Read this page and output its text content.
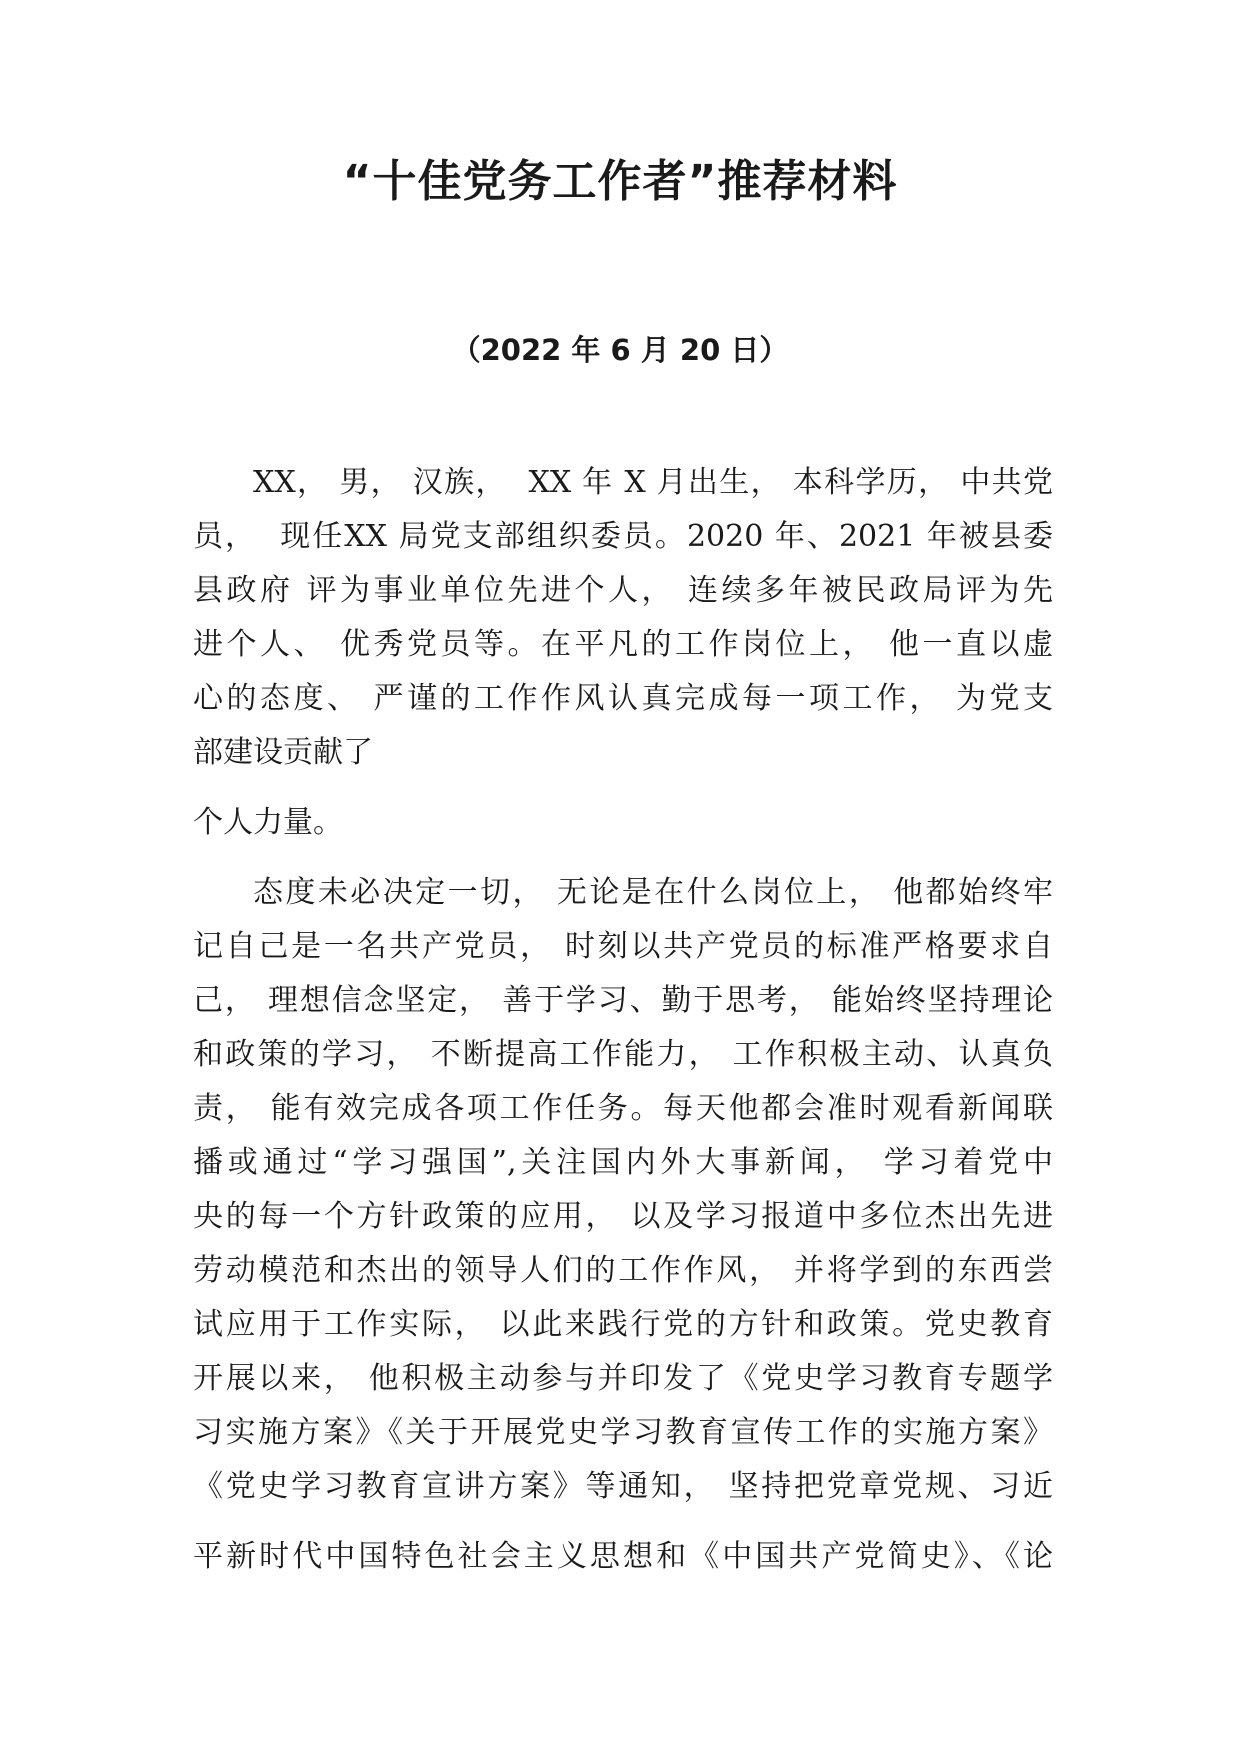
“十佳党务工作者”推荐材料
（2022 年 6 月 20 日）
XX， 男， 汉族，  XX 年 X 月出生， 本科学历， 中共党
员，  现任XX 局党支部组织委员。2020 年、2021 年被县委
县政府 评为事业单位先进个人， 连续多年被民政局评为先
进个人、 优秀党员等。在平凡的工作岗位上， 他一直以虚
心的态度、 严谨的工作作风认真完成每一项工作， 为党支
部建设贡献了
个人力量。
态度未必决定一切， 无论是在什么岗位上， 他都始终牢
记自己是一名共产党员， 时刻以共产党员的标准严格要求自
己， 理想信念坚定， 善于学习、勤于思考， 能始终坚持理论
和政策的学习， 不断提高工作能力， 工作积极主动、认真负
责， 能有效完成各项工作任务。每天他都会准时观看新闻联
播或通过“学习强国”,关注国内外大事新闻， 学习着党中
央的每一个方针政策的应用， 以及学习报道中多位杰出先进
劳动模范和杰出的领导人们的工作作风， 并将学到的东西尝
试应用于工作实际， 以此来践行党的方针和政策。党史教育
开展以来， 他积极主动参与并印发了《党史学习教育专题学
习实施方案》《关于开展党史学习教育宣传工作的实施方案》
《党史学习教育宣讲方案》等通知， 坚持把党章党规、习近
平新时代中国特色社会主义思想和《中国共产党简史》、《论
